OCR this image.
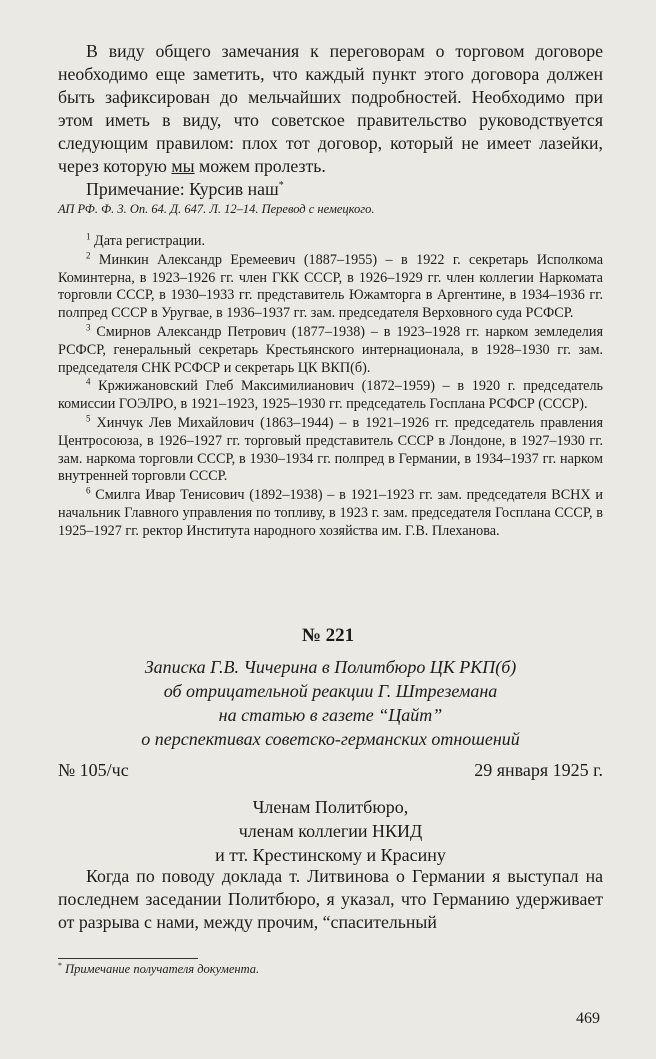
В виду общего замечания к переговорам о торговом договоре необходимо еще заметить, что каждый пункт этого договора должен быть зафиксирован до мельчайших подробностей. Необходимо при этом иметь в виду, что советское правительство руководствуется следующим правилом: плох тот договор, который не имеет лазейки, через которую мы можем пролезть.

Примечание: Курсив наш*

АП РФ. Ф. 3. Оп. 64. Д. 647. Л. 12–14. Перевод с немецкого.

$^1$ Дата регистрации.

$^2$ Минкин Александр Еремеевич (1887–1955) – в 1922 г. секретарь Исполкома Коминтерна, в 1923–1926 гг. член ГКК СССР, в 1926–1929 гг. член коллегии Наркомата торговли СССР, в 1930–1933 гг. представитель Южамторга в Аргентине, в 1934–1936 гг. полпред СССР в Уругвае, в 1936–1937 гг. зам. председателя Верховного суда РСФСР.

$^3$ Смирнов Александр Петрович (1877–1938) – в 1923–1928 гг. нарком земледелия РСФСР, генеральный секретарь Крестьянского интернационала, в 1928–1930 гг. зам. председателя СНК РСФСР и секретарь ЦК ВКП(б).

$^4$ Кржижановский Глеб Максимилианович (1872–1959) – в 1920 г. председатель комиссии ГОЭЛРО, в 1921–1923, 1925–1930 гг. председатель Госплана РСФСР (СССР).

$^5$ Хинчук Лев Михайлович (1863–1944) – в 1921–1926 гг. председатель правления Центросоюза, в 1926–1927 гг. торговый представитель СССР в Лондоне, в 1927–1930 гг. зам. наркома торговли СССР, в 1930–1934 гг. полпред в Германии, в 1934–1937 гг. нарком внутренней торговли СССР.

$^6$ Смилга Ивар Тенисович (1892–1938) – в 1921–1923 гг. зам. председателя ВСНХ и начальник Главного управления по топливу, в 1923 г. зам. председателя Госплана СССР, в 1925–1927 гг. ректор Института народного хозяйства им. Г.В. Плеханова.

№ 221
Записка Г.В. Чичерина в Политбюро ЦК РКП(б)
об отрицательной реакции Г. Штреземана
на статью в газете “Цайт”
о перспективах советско-германских отношений
№ 105/чс	29 января 1925 г.
Членам Политбюро,
членам коллегии НКИД
и тт. Крестинскому и Красину

Когда по поводу доклада т. Литвинова о Германии я выступал на последнем заседании Политбюро, я указал, что Германию удерживает от разрыва с нами, между прочим, “спасительный

* Примечание получателя документа.
469
